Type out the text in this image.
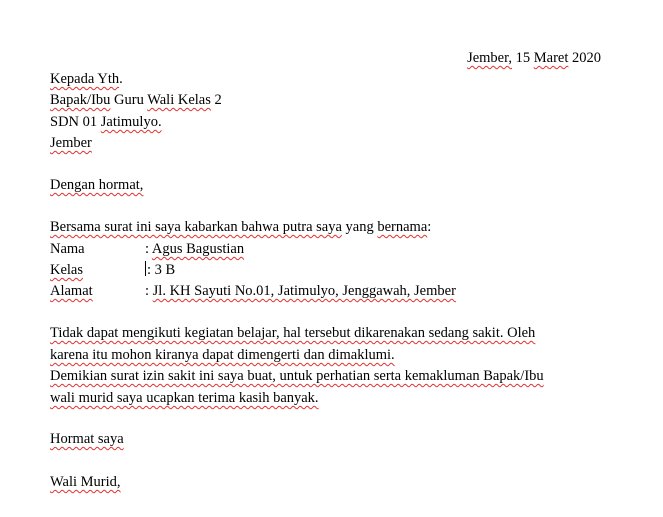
Jember, 15 Maret 2020
Kepada Yth.
Bapak/Ibu Guru Wali Kelas 2
SDN 01 Jatimulyo.
Jember
Dengan hormat,
Bersama surat ini saya kabarkan bahwa putra saya yang bernama:
Nama	: Agus Bagustian
Kelas	: 3 B
Alamat	: Jl. KH Sayuti No.01, Jatimulyo, Jenggawah, Jember
Tidak dapat mengikuti kegiatan belajar, hal tersebut dikarenakan sedang sakit. Oleh
karena itu mohon kiranya dapat dimengerti dan dimaklumi.
Demikian surat izin sakit ini saya buat, untuk perhatian serta kemakluman Bapak/Ibu
wali murid saya ucapkan terima kasih banyak.
Hormat saya
Wali Murid,
